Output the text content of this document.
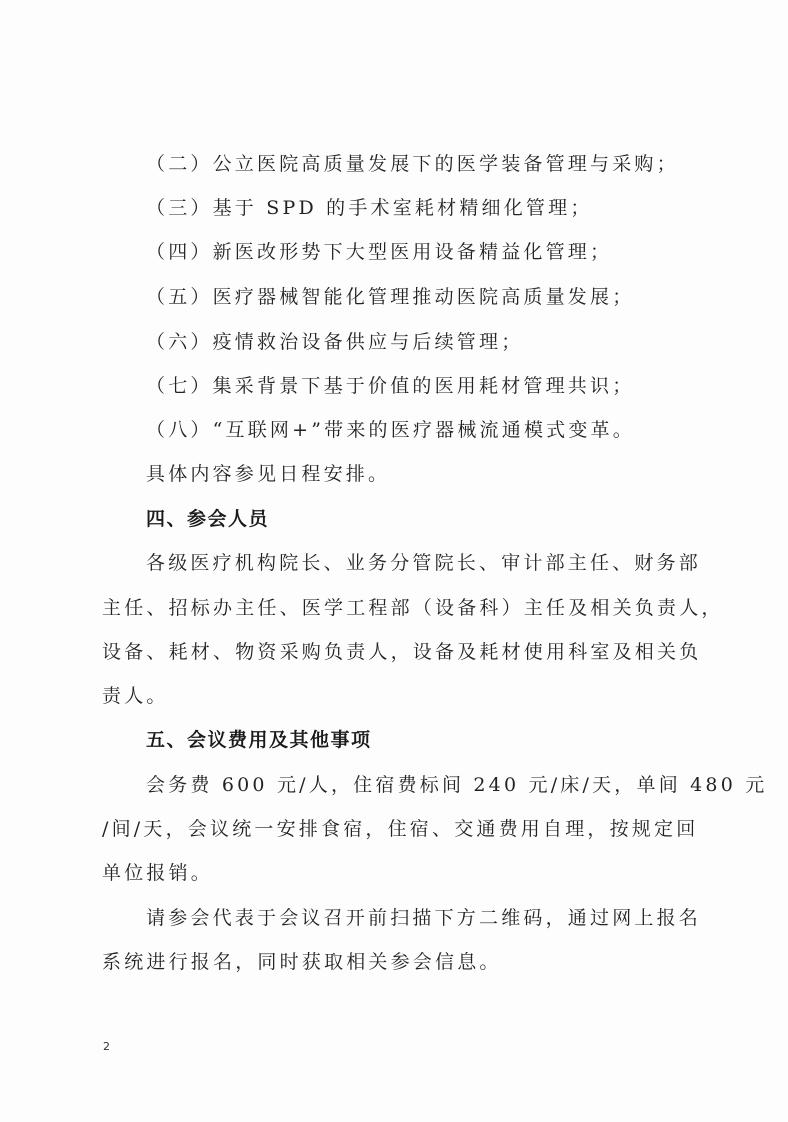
（二）公立医院高质量发展下的医学装备管理与采购；
（三）基于 SPD 的手术室耗材精细化管理；
（四）新医改形势下大型医用设备精益化管理；
（五）医疗器械智能化管理推动医院高质量发展；
（六）疫情救治设备供应与后续管理；
（七）集采背景下基于价值的医用耗材管理共识；
（八）“互联网+”带来的医疗器械流通模式变革。
具体内容参见日程安排。
四、参会人员
各级医疗机构院长、业务分管院长、审计部主任、财务部
主任、招标办主任、医学工程部（设备科）主任及相关负责人，
设备、耗材、物资采购负责人，设备及耗材使用科室及相关负
责人。
五、会议费用及其他事项
会务费 600 元/人，住宿费标间 240 元/床/天，单间 480 元
/间/天，会议统一安排食宿，住宿、交通费用自理，按规定回
单位报销。
请参会代表于会议召开前扫描下方二维码，通过网上报名
系统进行报名，同时获取相关参会信息。
2
